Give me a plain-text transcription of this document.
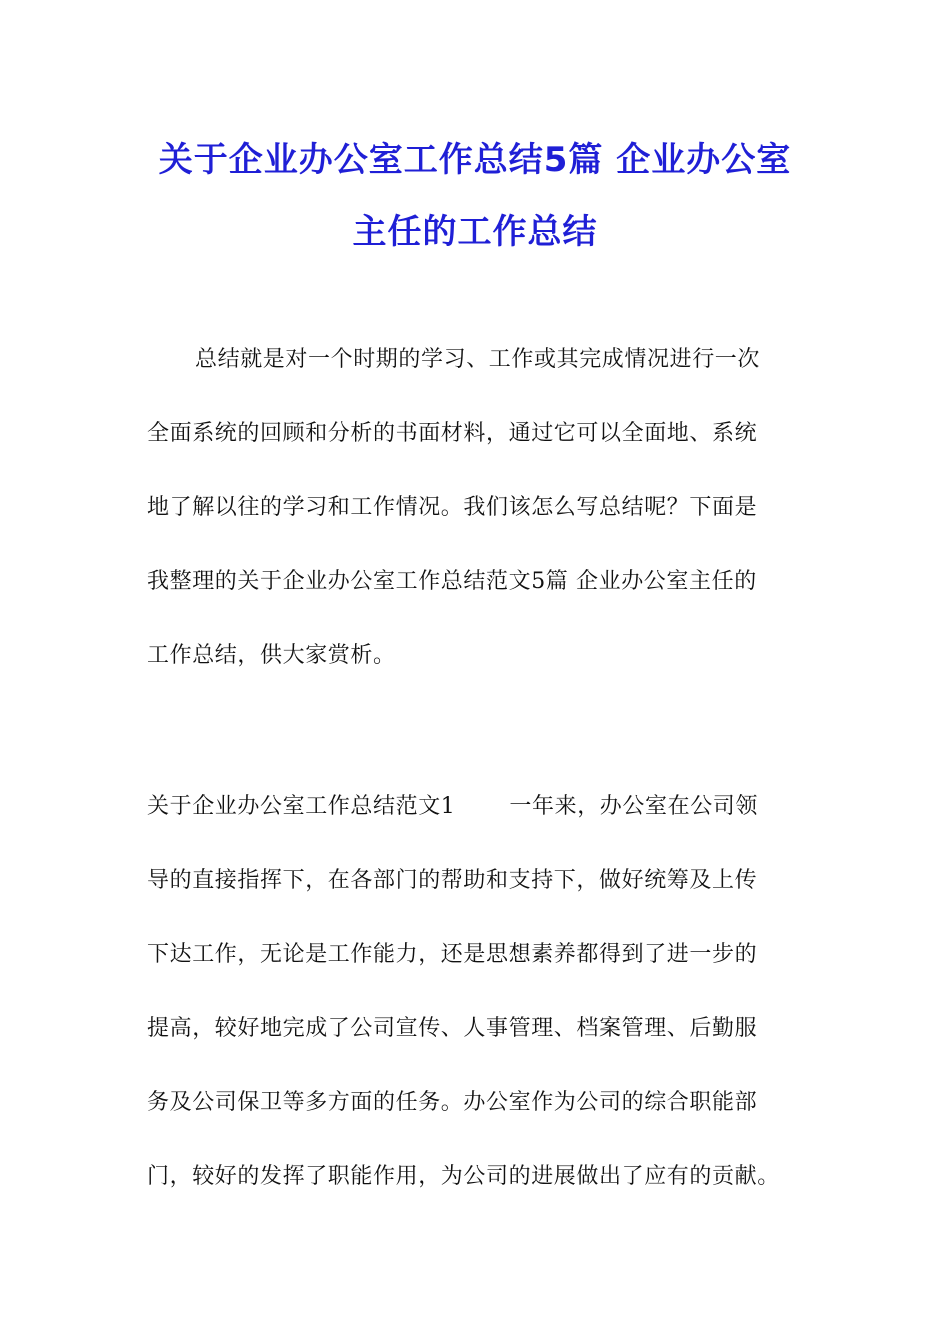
关于企业办公室工作总结5篇 企业办公室
主任的工作总结
总结就是对一个时期的学习、工作或其完成情况进行一次
全面系统的回顾和分析的书面材料，通过它可以全面地、系统
地了解以往的学习和工作情况。我们该怎么写总结呢？下面是
我整理的关于企业办公室工作总结范文5篇 企业办公室主任的
工作总结，供大家赏析。
关于企业办公室工作总结范文1 一年来，办公室在公司领
导的直接指挥下，在各部门的帮助和支持下，做好统筹及上传
下达工作，无论是工作能力，还是思想素养都得到了进一步的
提高，较好地完成了公司宣传、人事管理、档案管理、后勤服
务及公司保卫等多方面的任务。办公室作为公司的综合职能部
门，较好的发挥了职能作用，为公司的进展做出了应有的贡献。
